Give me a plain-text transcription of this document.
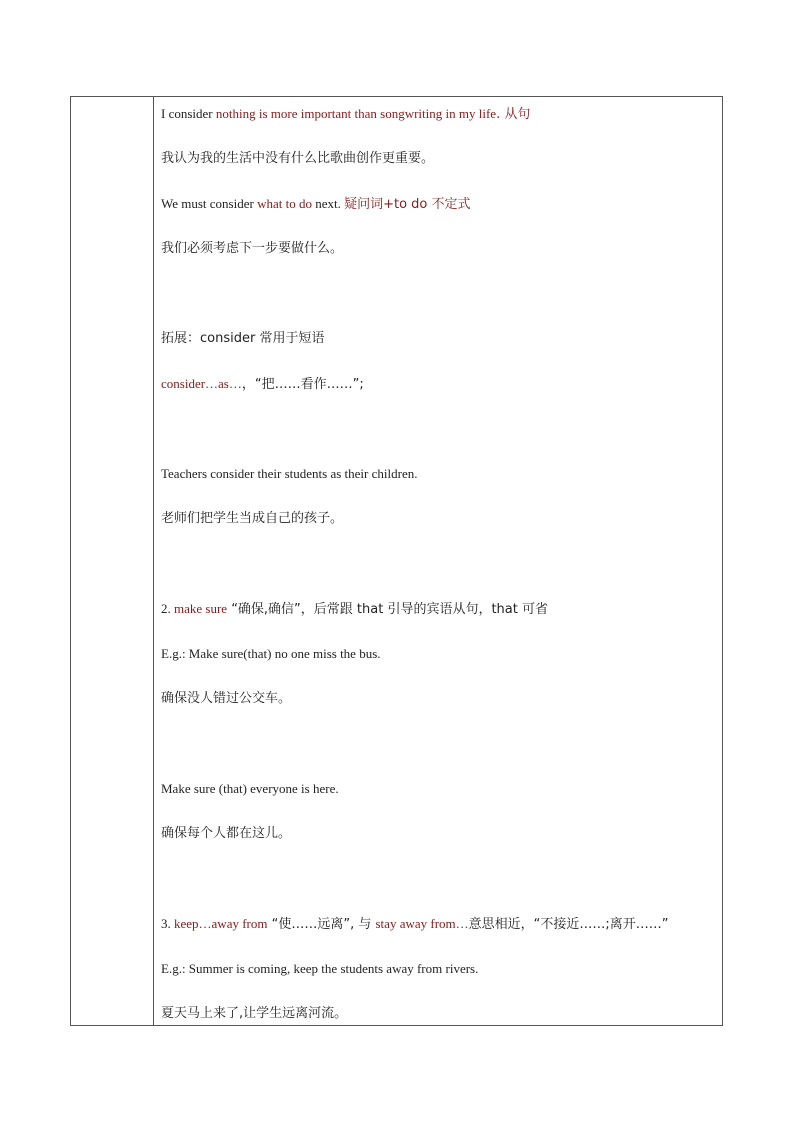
I consider nothing is more important than songwriting in my life. 从句
我认为我的生活中没有什么比歌曲创作更重要。
We must consider what to do next. 疑问词+to do 不定式
我们必须考虑下一步要做什么。
拓展：consider 常用于短语
consider…as…，“把……看作……”;
Teachers consider their students as their children.
老师们把学生当成自己的孩子。
2. make sure “确保,确信”，后常跟 that 引导的宾语从句，that 可省
E.g.: Make sure(that) no one miss the bus.
确保没人错过公交车。
Make sure (that) everyone is here.
确保每个人都在这儿。
3. keep…away from “使……远离”, 与 stay away from…意思相近，“不接近……;离开……”
E.g.: Summer is coming, keep the students away from rivers.
夏天马上来了,让学生远离河流。
